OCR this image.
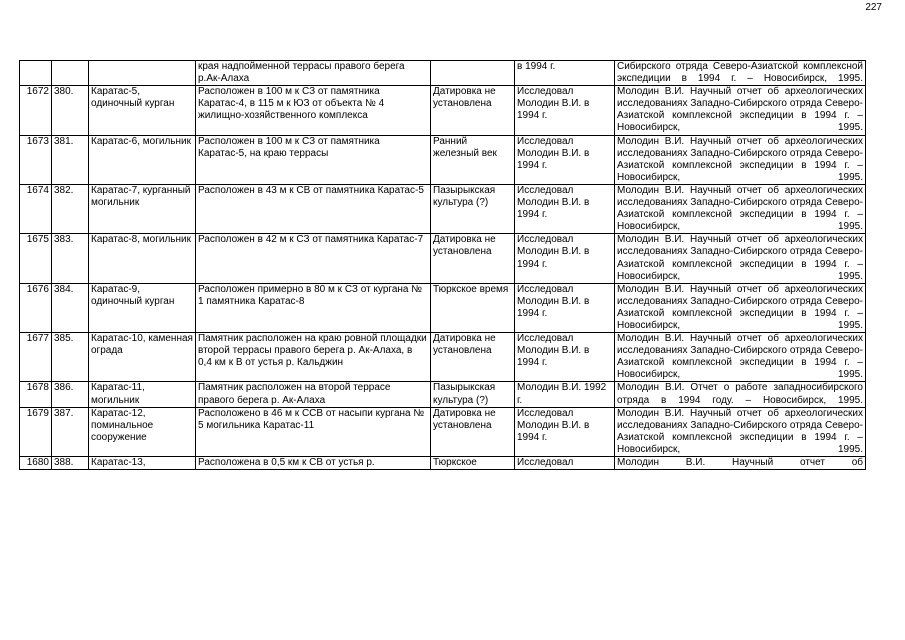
227
			края надпойменной террасы правого берега р.Ак-Алаха		в 1994 г.	Сибирского отряда Северо-Азиатской комплексной экспедиции в 1994 г. – Новосибирск, 1995.
1672	380.	Каратас-5, одиночный курган	Расположен в 100 м к СЗ от памятника Каратас-4, в 115 м к ЮЗ от объекта № 4 жилищно-хозяйственного комплекса	Датировка не установлена	Исследовал Молодин В.И. в 1994 г.	Молодин В.И. Научный отчет об археологических исследованиях Западно-Сибирского отряда Северо-Азиатской комплексной экспедиции в 1994 г. – Новосибирск, 1995.
1673	381.	Каратас-6, могильник	Расположен в 100 м к СЗ от памятника Каратас-5, на краю террасы	Ранний железный век	Исследовал Молодин В.И. в 1994 г.	Молодин В.И. Научный отчет об археологических исследованиях Западно-Сибирского отряда Северо-Азиатской комплексной экспедиции в 1994 г. – Новосибирск, 1995.
1674	382.	Каратас-7, курганный могильник	Расположен в 43 м к СВ от памятника Каратас-5	Пазырыкская культура (?)	Исследовал Молодин В.И. в 1994 г.	Молодин В.И. Научный отчет об археологических исследованиях Западно-Сибирского отряда Северо-Азиатской комплексной экспедиции в 1994 г. – Новосибирск, 1995.
1675	383.	Каратас-8, могильник	Расположен в 42 м к СЗ от памятника Каратас-7	Датировка не установлена	Исследовал Молодин В.И. в 1994 г.	Молодин В.И. Научный отчет об археологических исследованиях Западно-Сибирского отряда Северо-Азиатской комплексной экспедиции в 1994 г. – Новосибирск, 1995.
1676	384.	Каратас-9, одиночный курган	Расположен примерно в 80 м к СЗ от кургана № 1 памятника Каратас-8	Тюркское время	Исследовал Молодин В.И. в 1994 г.	Молодин В.И. Научный отчет об археологических исследованиях Западно-Сибирского отряда Северо-Азиатской комплексной экспедиции в 1994 г. – Новосибирск, 1995.
1677	385.	Каратас-10, каменная ограда	Памятник расположен на краю ровной площадки второй террасы правого берега р. Ак-Алаха, в 0,4 км к В от устья р. Кальджин	Датировка не установлена	Исследовал Молодин В.И. в 1994 г.	Молодин В.И. Научный отчет об археологических исследованиях Западно-Сибирского отряда Северо-Азиатской комплексной экспедиции в 1994 г. – Новосибирск, 1995.
1678	386.	Каратас-11, могильник	Памятник расположен на второй террасе правого берега р. Ак-Алаха	Пазырыкская культура (?)	Молодин В.И. 1992 г.	Молодин В.И. Отчет о работе западносибирского отряда в 1994 году. – Новосибирск, 1995.
1679	387.	Каратас-12, поминальное сооружение	Расположено в 46 м к ССВ от насыпи кургана № 5 могильника Каратас-11	Датировка не установлена	Исследовал Молодин В.И. в 1994 г.	Молодин В.И. Научный отчет об археологических исследованиях Западно-Сибирского отряда Северо-Азиатской комплексной экспедиции в 1994 г. – Новосибирск, 1995.
1680	388.	Каратас-13,	Расположена в 0,5 км к СВ от устья р.	Тюркское	Исследовал	Молодин В.И. Научный отчет об
